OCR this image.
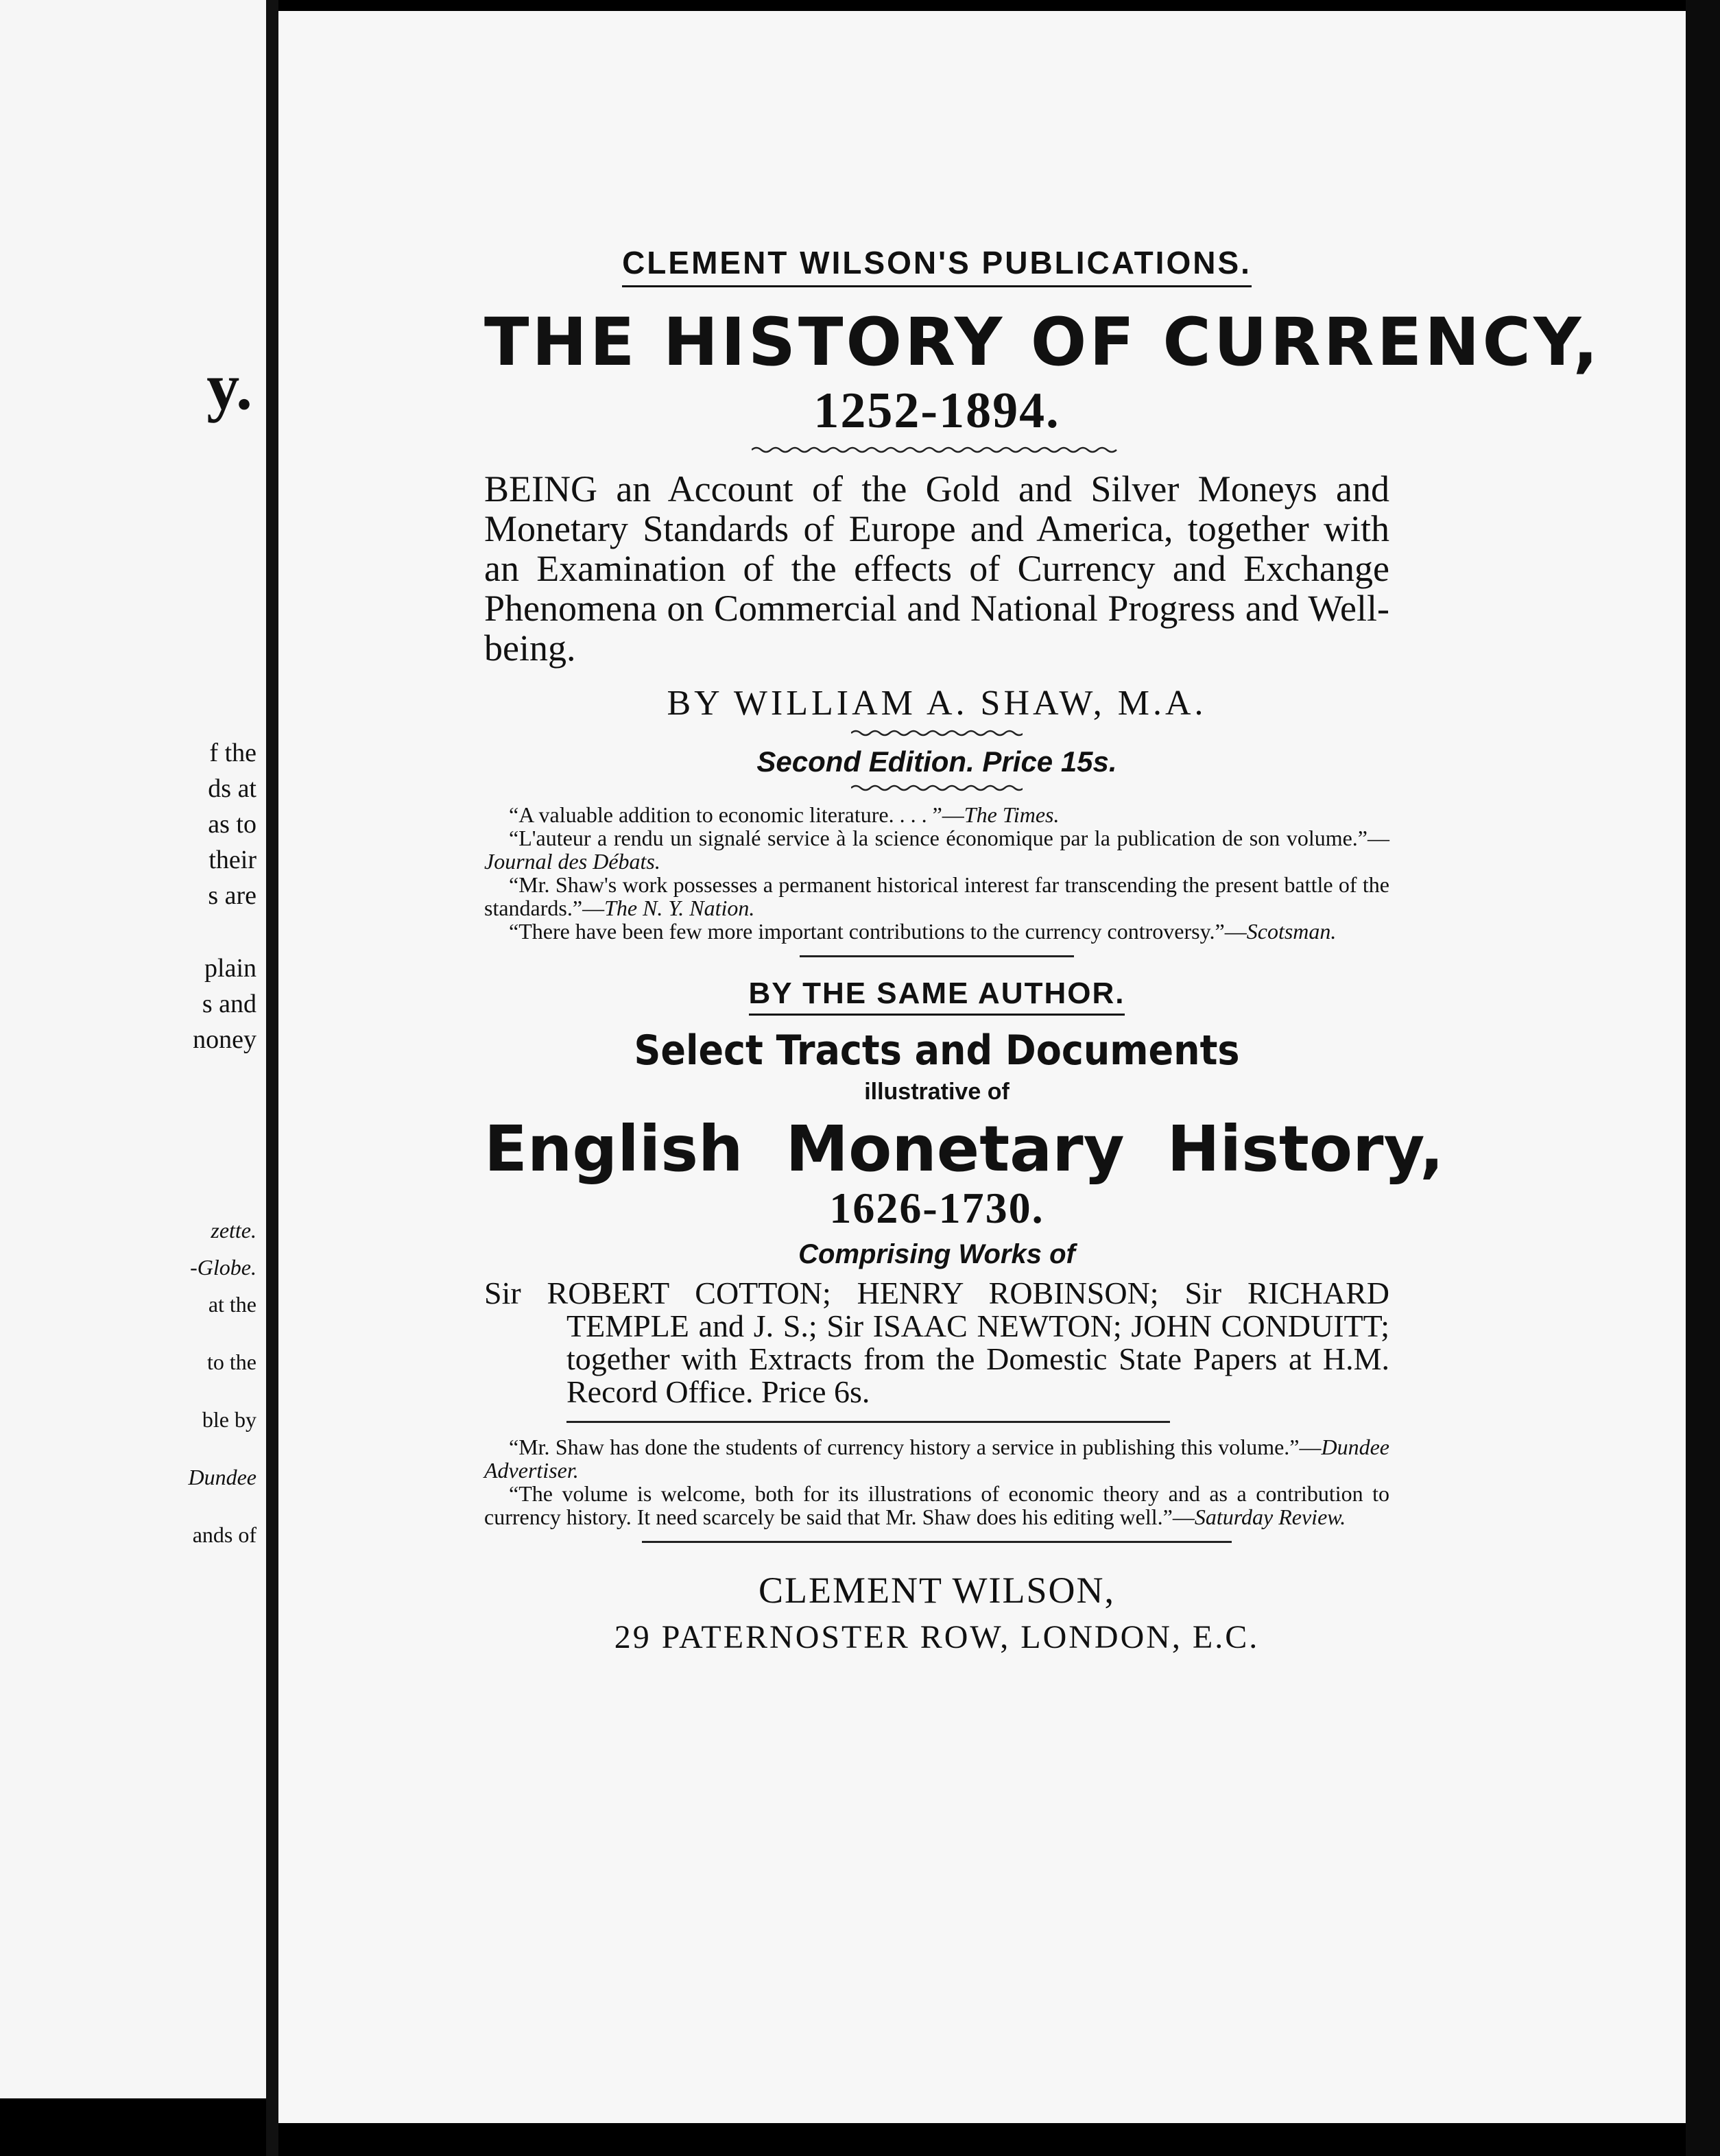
y.
f the
ds at
as to
their
s are
plain
s and
noney
zette.
-Globe.
at the
to the
ble by
Dundee
ands of
CLEMENT WILSON'S PUBLICATIONS.
THE HISTORY OF CURRENCY,
1252-1894.
BEING an Account of the Gold and Silver Moneys and Monetary Standards of Europe and America, together with an Examination of the effects of Currency and Exchange Phenomena on Commercial and National Progress and Well-being.
BY WILLIAM A. SHAW, M.A.
Second Edition. Price 15s.

“A valuable addition to economic literature. . . . ”—The Times.

“L'auteur a rendu un signalé service à la science économique par la publication de son volume.”—Journal des Débats.

“Mr. Shaw's work possesses a permanent historical interest far transcending the present battle of the standards.”—The N. Y. Nation.

“There have been few more important contributions to the currency controversy.”—Scotsman.

BY THE SAME AUTHOR.
Select Tracts and Documents
illustrative of
English Monetary History,
1626-1730.
Comprising Works of
Sir ROBERT COTTON; HENRY ROBINSON; Sir RICHARD TEMPLE and J. S.; Sir ISAAC NEWTON; JOHN CONDUITT; together with Extracts from the Domestic State Papers at H.M. Record Office. Price 6s.

“Mr. Shaw has done the students of currency history a service in publishing this volume.”—Dundee Advertiser.

“The volume is welcome, both for its illustrations of economic theory and as a contribution to currency history. It need scarcely be said that Mr. Shaw does his editing well.”—Saturday Review.

CLEMENT WILSON,
29 PATERNOSTER ROW, LONDON, E.C.
